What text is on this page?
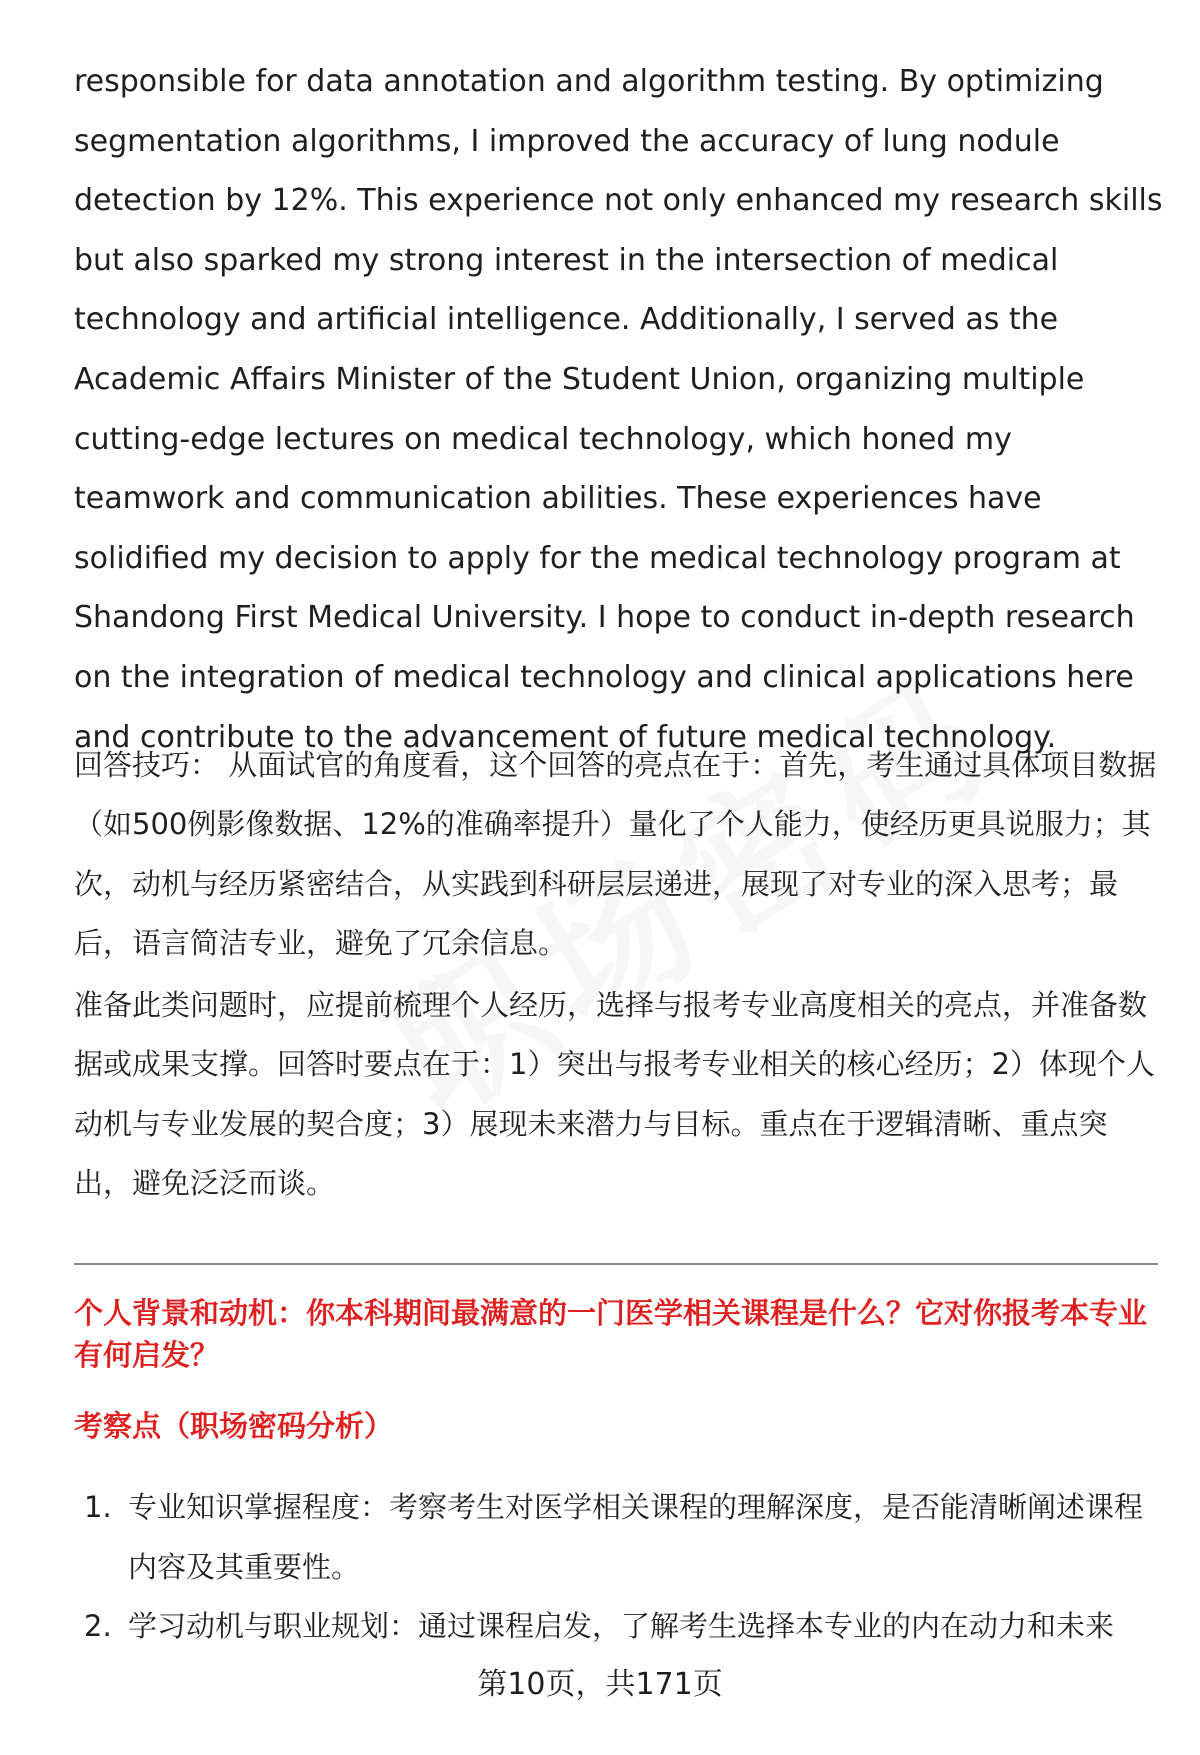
responsible for data annotation and algorithm testing. By optimizing segmentation algorithms, I improved the accuracy of lung nodule detection by 12%. This experience not only enhanced my research skills but also sparked my strong interest in the intersection of medical technology and artificial intelligence. Additionally, I served as the Academic Affairs Minister of the Student Union, organizing multiple cutting-edge lectures on medical technology, which honed my teamwork and communication abilities. These experiences have solidified my decision to apply for the medical technology program at Shandong First Medical University. I hope to conduct in-depth research on the integration of medical technology and clinical applications here and contribute to the advancement of future medical technology.

回答技巧： 从面试官的角度看，这个回答的亮点在于：首先，考生通过具体项目数据（如500例影像数据、12%的准确率提升）量化了个人能力，使经历更具说服力；其次，动机与经历紧密结合，从实践到科研层层递进，展现了对专业的深入思考；最后，语言简洁专业，避免了冗余信息。

准备此类问题时，应提前梳理个人经历，选择与报考专业高度相关的亮点，并准备数据或成果支撑。回答时要点在于：1）突出与报考专业相关的核心经历；2）体现个人动机与专业发展的契合度；3）展现未来潜力与目标。重点在于逻辑清晰、重点突出，避免泛泛而谈。

个人背景和动机：你本科期间最满意的一门医学相关课程是什么？它对你报考本专业有何启发？
考察点（职场密码分析）
1. 专业知识掌握程度：考察考生对医学相关课程的理解深度，是否能清晰阐述课程内容及其重要性。
2. 学习动机与职业规划：通过课程启发，了解考生选择本专业的内在动力和未来
第10页，共171页
